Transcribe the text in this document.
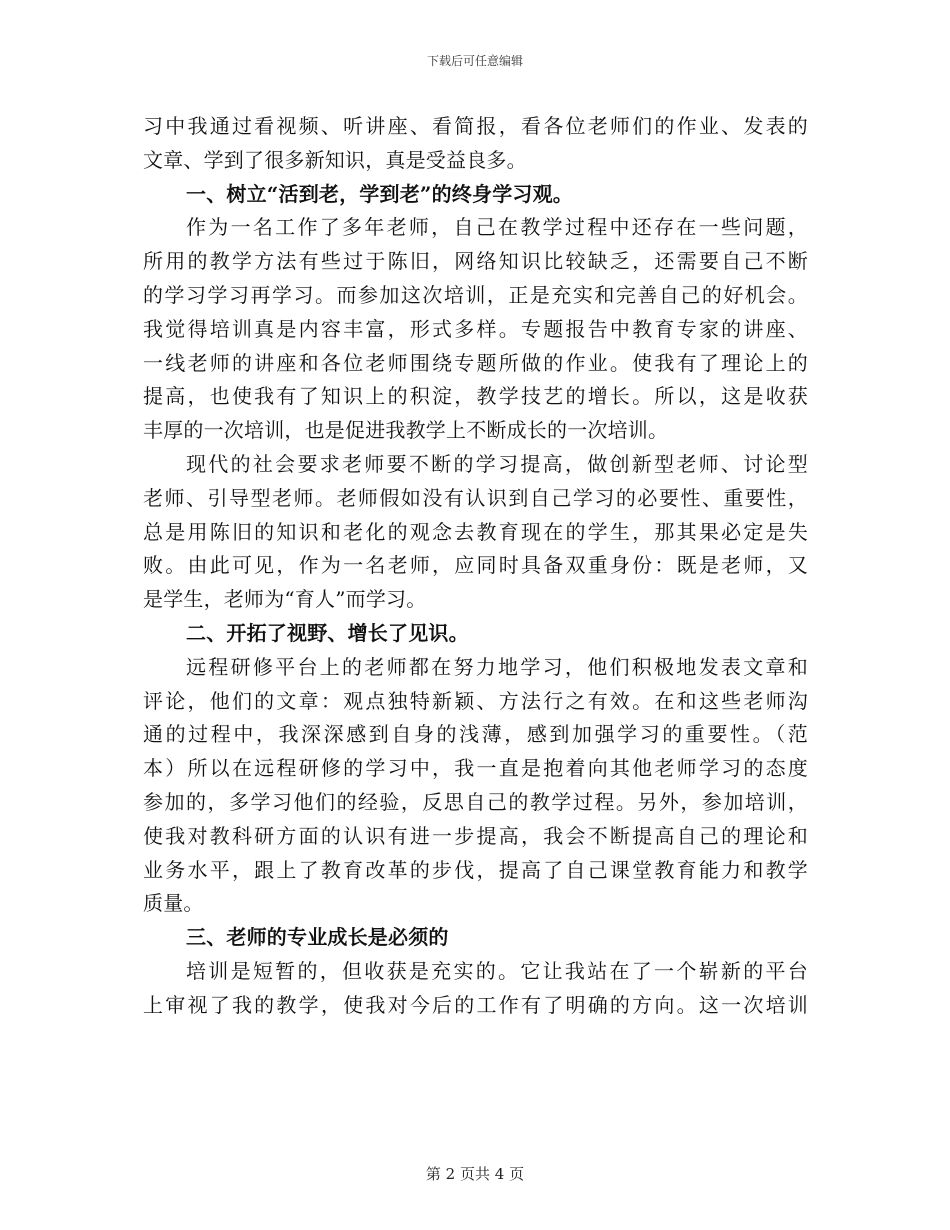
下载后可任意编辑
习中我通过看视频、听讲座、看简报，看各位老师们的作业、发表的
文章、学到了很多新知识，真是受益良多。
一、树立“活到老，学到老”的终身学习观。
作为一名工作了多年老师，自己在教学过程中还存在一些问题，
所用的教学方法有些过于陈旧，网络知识比较缺乏，还需要自己不断
的学习学习再学习。而参加这次培训，正是充实和完善自己的好机会。
我觉得培训真是内容丰富，形式多样。专题报告中教育专家的讲座、
一线老师的讲座和各位老师围绕专题所做的作业。使我有了理论上的
提高，也使我有了知识上的积淀，教学技艺的增长。所以，这是收获
丰厚的一次培训，也是促进我教学上不断成长的一次培训。
现代的社会要求老师要不断的学习提高，做创新型老师、讨论型
老师、引导型老师。老师假如没有认识到自己学习的必要性、重要性，
总是用陈旧的知识和老化的观念去教育现在的学生，那其果必定是失
败。由此可见，作为一名老师，应同时具备双重身份：既是老师，又
是学生，老师为“育人”而学习。
二、开拓了视野、增长了见识。
远程研修平台上的老师都在努力地学习，他们积极地发表文章和
评论，他们的文章：观点独特新颖、方法行之有效。在和这些老师沟
通的过程中，我深深感到自身的浅薄，感到加强学习的重要性。（范
本）所以在远程研修的学习中，我一直是抱着向其他老师学习的态度
参加的，多学习他们的经验，反思自己的教学过程。另外，参加培训，
使我对教科研方面的认识有进一步提高，我会不断提高自己的理论和
业务水平，跟上了教育改革的步伐，提高了自己课堂教育能力和教学
质量。
三、老师的专业成长是必须的
培训是短暂的，但收获是充实的。它让我站在了一个崭新的平台
上审视了我的教学，使我对今后的工作有了明确的方向。这一次培训
第 2 页共 4 页
